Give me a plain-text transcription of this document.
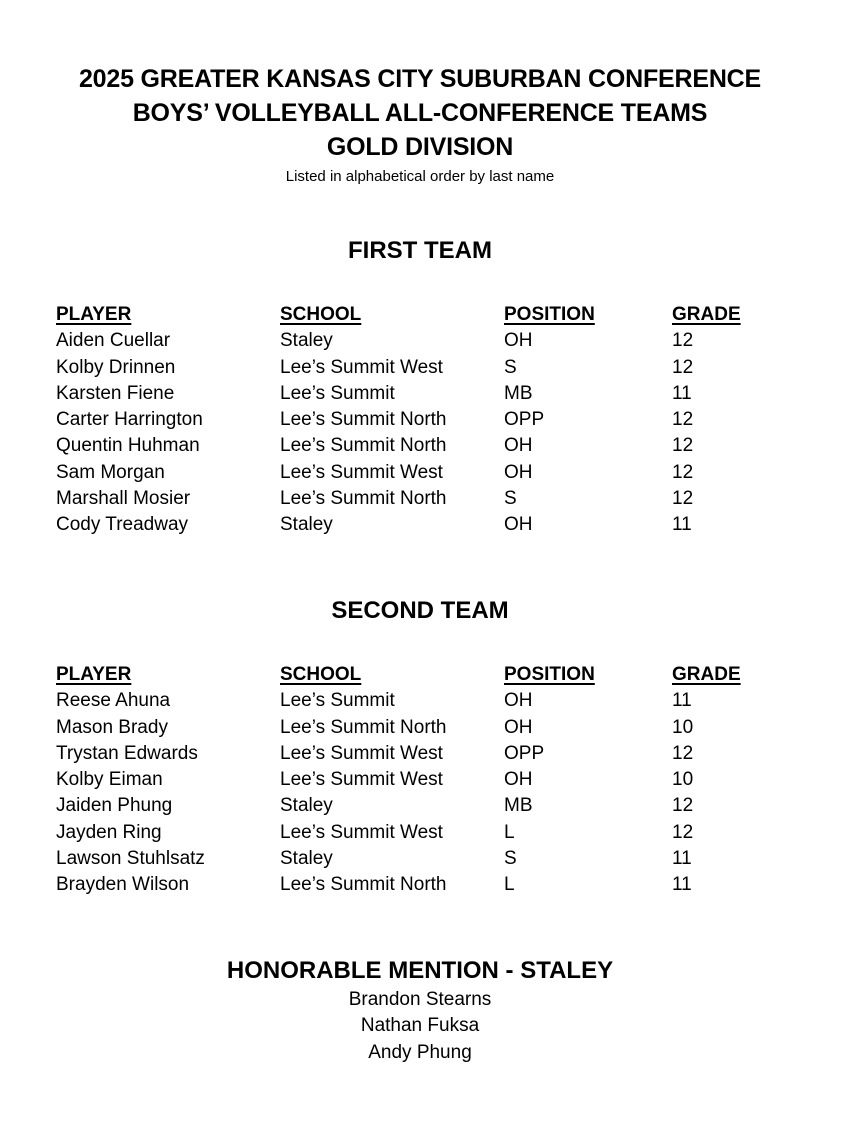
2025 GREATER KANSAS CITY SUBURBAN CONFERENCE
BOYS’ VOLLEYBALL ALL-CONFERENCE TEAMS
GOLD DIVISION
Listed in alphabetical order by last name
FIRST TEAM
PLAYER	SCHOOL	POSITION	GRADE
Aiden Cuellar	Staley	OH	12
Kolby Drinnen	Lee’s Summit West	S	12
Karsten Fiene	Lee’s Summit	MB	11
Carter Harrington	Lee’s Summit North	OPP	12
Quentin Huhman	Lee’s Summit North	OH	12
Sam Morgan	Lee’s Summit West	OH	12
Marshall Mosier	Lee’s Summit North	S	12
Cody Treadway	Staley	OH	11
SECOND TEAM
PLAYER	SCHOOL	POSITION	GRADE
Reese Ahuna	Lee’s Summit	OH	11
Mason Brady	Lee’s Summit North	OH	10
Trystan Edwards	Lee’s Summit West	OPP	12
Kolby Eiman	Lee’s Summit West	OH	10
Jaiden Phung	Staley	MB	12
Jayden Ring	Lee’s Summit West	L	12
Lawson Stuhlsatz	Staley	S	11
Brayden Wilson	Lee’s Summit North	L	11
HONORABLE MENTION - STALEY
Brandon Stearns
Nathan Fuksa
Andy Phung
